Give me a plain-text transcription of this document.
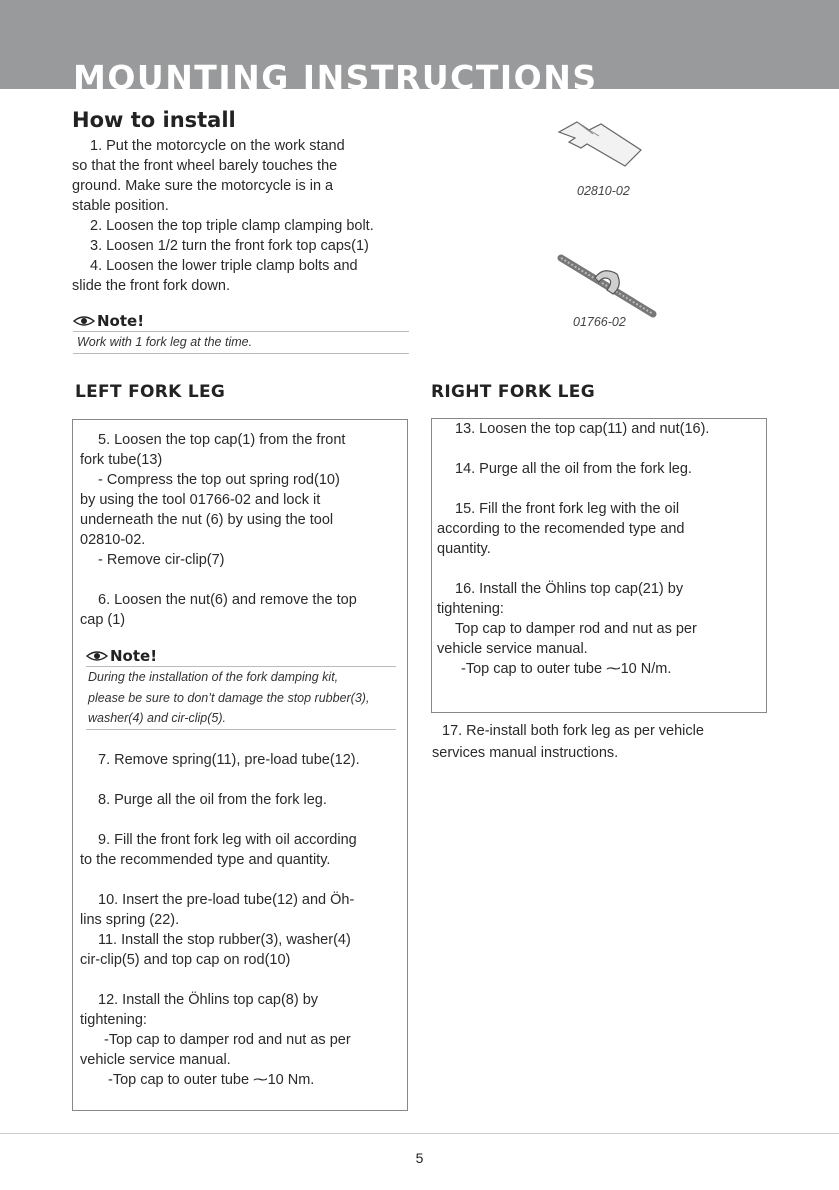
MOUNTING INSTRUCTIONS
How to install

1. Put the motorcycle on the work stand

so that the front wheel barely touches the

ground. Make sure the motorcycle is in a

stable position.

2. Loosen the top triple clamp clamping bolt.

3. Loosen 1/2 turn the front fork top caps(1)

4. Loosen the lower triple clamp bolts and

slide the front fork down.

Note!
Work with 1 fork leg at the time.
02810-02
01766-02
LEFT FORK LEG	RIGHT FORK LEG

5. Loosen the top cap(1) from the front

fork tube(13)

- Compress the top out spring rod(10)

by using the tool 01766-02 and lock it

underneath the nut (6) by using the tool

02810-02.

- Remove cir-clip(7)

6. Loosen the nut(6) and remove the top

cap (1)

Note!
During the installation of the fork damping kit,
please be sure to don’t damage the stop rubber(3),
washer(4) and cir-clip(5).

7. Remove spring(11), pre-load tube(12).

8. Purge all the oil from the fork leg.

9. Fill the front fork leg with oil according

to the recommended type and quantity.

10. Insert the pre-load tube(12) and Öh-

lins spring (22).

11. Install the stop rubber(3), washer(4)

cir-clip(5) and top cap on rod(10)

12. Install the Öhlins top cap(8) by

tightening:

-Top cap to damper rod and nut as per

vehicle service manual.

-Top cap to outer tube ⁓10 Nm.

13. Loosen the top cap(11) and nut(16).

14. Purge all the oil from the fork leg.

15. Fill the front fork leg with the oil

according to the recomended type and

quantity.

16. Install the Öhlins top cap(21) by

tightening:

Top cap to damper rod and nut as per

vehicle service manual.

-Top cap to outer tube ⁓10 N/m.

17. Re-install both fork leg as per vehicle

services manual instructions.

5
